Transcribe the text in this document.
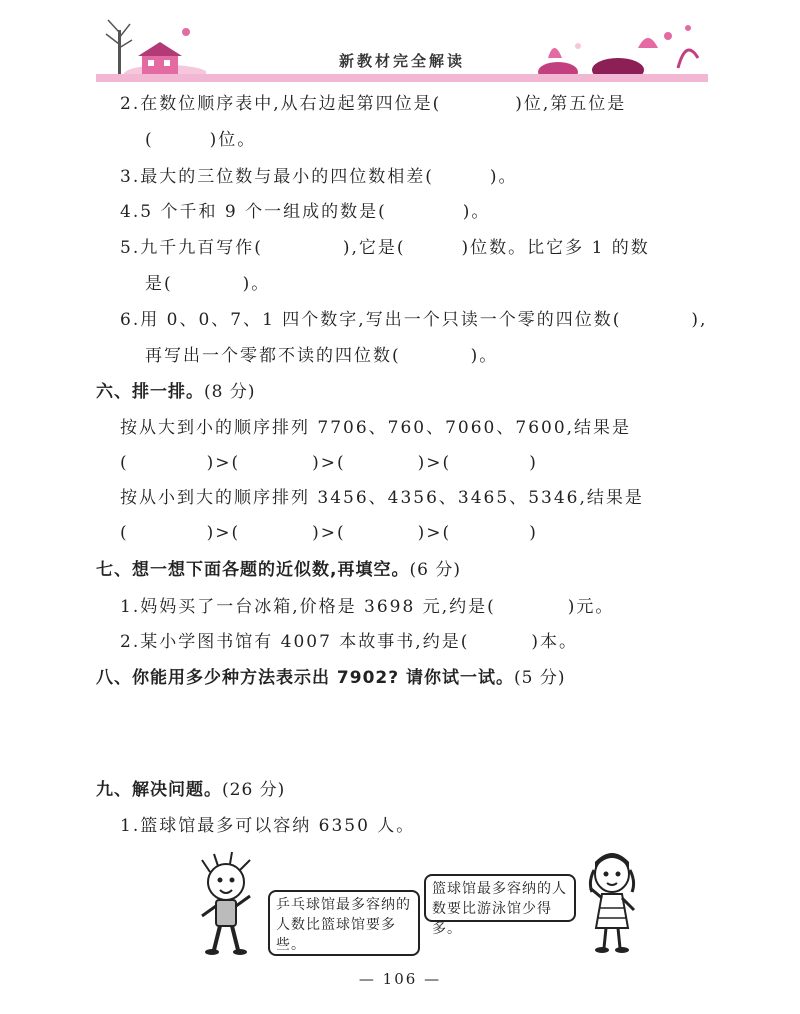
新教材完全解读
2.在数位顺序表中,从右边起第四位是(	)位,第五位是
(	)位。
3.最大的三位数与最小的四位数相差(	)。
4.5 个千和 9 个一组成的数是(	)。
5.九千九百写作(	),它是(	)位数。比它多 1 的数
是(	)。
6.用 0、0、7、1 四个数字,写出一个只读一个零的四位数(	),
再写出一个零都不读的四位数(	)。
六、排一排。(8 分)
按从大到小的顺序排列 7706、760、7060、7600,结果是
(	)>(	)>(	)>(	)
按从小到大的顺序排列 3456、4356、3465、5346,结果是
(	)>(	)>(	)>(	)
七、想一想下面各题的近似数,再填空。(6 分)
1.妈妈买了一台冰箱,价格是 3698 元,约是(	)元。
2.某小学图书馆有 4007 本故事书,约是(	)本。
八、你能用多少种方法表示出 7902? 请你试一试。(5 分)
九、解决问题。(26 分)
1.篮球馆最多可以容纳 6350 人。
乒乓球馆最多容纳的
人数比篮球馆要多
些。
篮球馆最多容纳的人
数要比游泳馆少得多。
— 106 —
